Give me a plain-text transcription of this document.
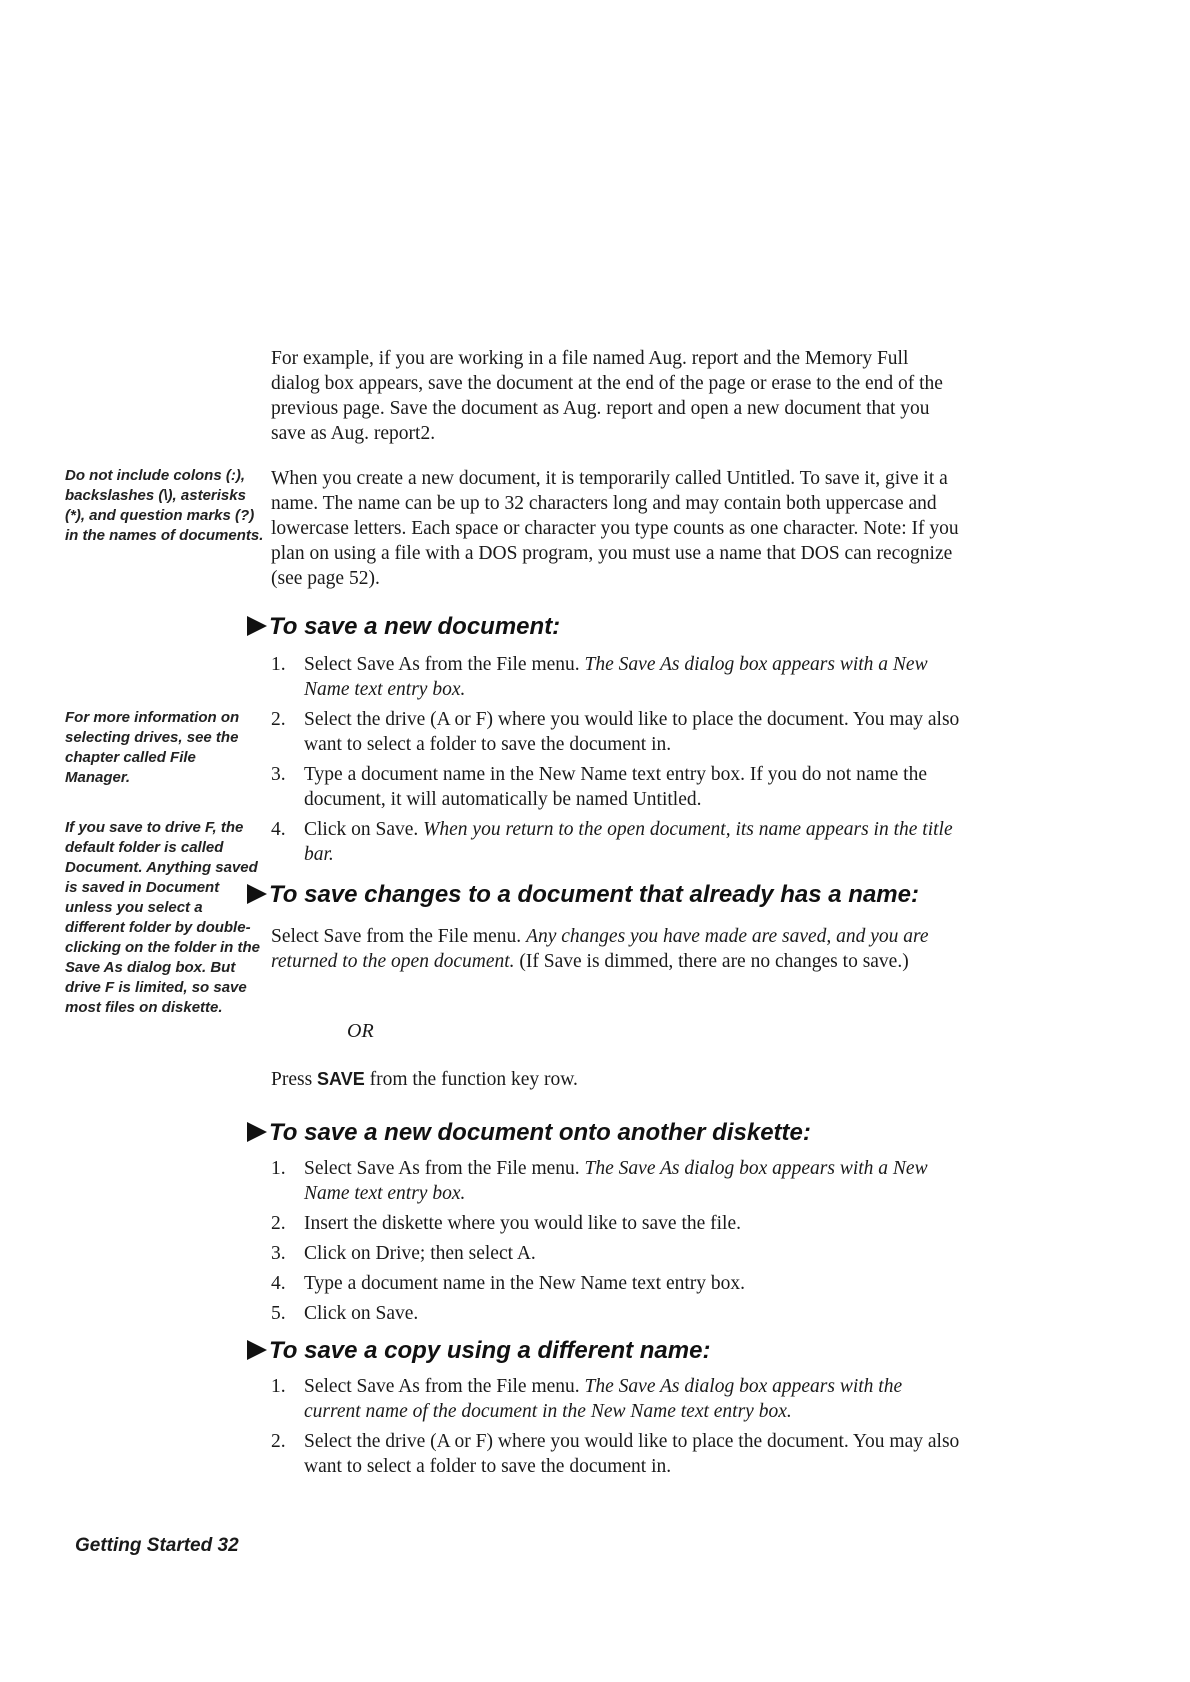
For example, if you are working in a file named Aug. report and the Memory Full dialog box appears, save the document at the end of the page or erase to the end of the previous page. Save the document as Aug. report and open a new document that you save as Aug. report2.

Do not include colons (:), backslashes (\), asterisks (*), and question marks (?) in the names of documents.

When you create a new document, it is temporarily called Untitled. To save it, give it a name. The name can be up to 32 characters long and may contain both uppercase and lowercase letters. Each space or character you type counts as one character. Note: If you plan on using a file with a DOS program, you must use a name that DOS can recognize (see page 52).

To save a new document:
1. Select Save As from the File menu. The Save As dialog box appears with a New Name text entry box.
2. Select the drive (A or F) where you would like to place the document. You may also want to select a folder to save the document in.
3. Type a document name in the New Name text entry box. If you do not name the document, it will automatically be named Untitled.
4. Click on Save. When you return to the open document, its name appears in the title bar.

For more information on selecting drives, see the chapter called File Manager.

If you save to drive F, the default folder is called Document. Anything saved is saved in Document unless you select a different folder by double-clicking on the folder in the Save As dialog box. But drive F is limited, so save most files on diskette.

To save changes to a document that already has a name:

Select Save from the File menu. Any changes you have made are saved, and you are returned to the open document. (If Save is dimmed, there are no changes to save.)

OR

Press SAVE from the function key row.

To save a new document onto another diskette:
1. Select Save As from the File menu. The Save As dialog box appears with a New Name text entry box.
2. Insert the diskette where you would like to save the file.
3. Click on Drive; then select A.
4. Type a document name in the New Name text entry box.
5. Click on Save.
To save a copy using a different name:
1. Select Save As from the File menu. The Save As dialog box appears with the current name of the document in the New Name text entry box.
2. Select the drive (A or F) where you would like to place the document. You may also want to select a folder to save the document in.

Getting Started 32
